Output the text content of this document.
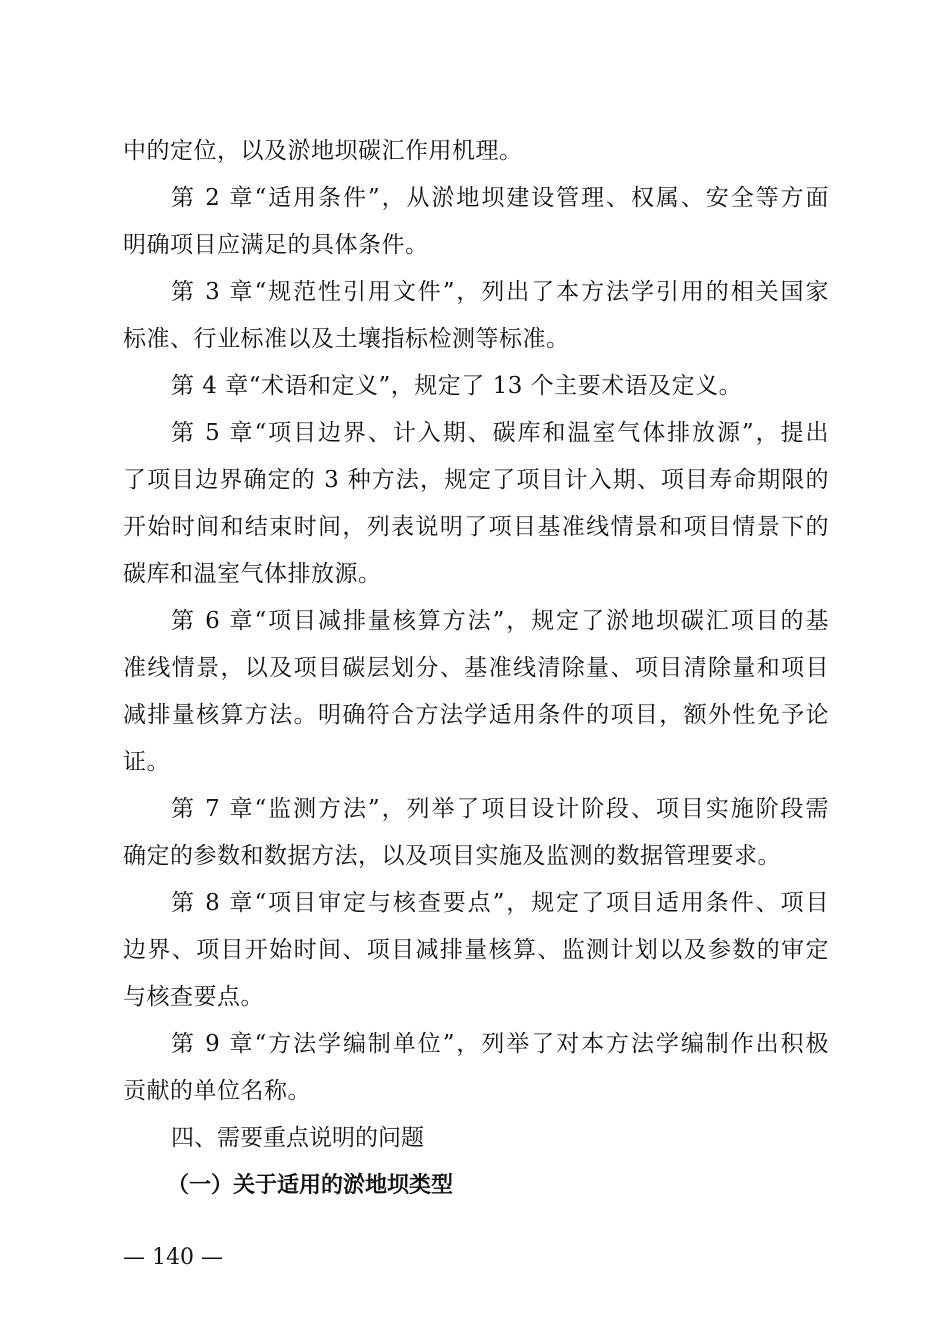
中的定位，以及淤地坝碳汇作用机理。
第 2 章“适用条件”，从淤地坝建设管理、权属、安全等方面
明确项目应满足的具体条件。
第 3 章“规范性引用文件”，列出了本方法学引用的相关国家
标准、行业标准以及土壤指标检测等标准。
第 4 章“术语和定义”，规定了 13 个主要术语及定义。
第 5 章“项目边界、计入期、碳库和温室气体排放源”，提出
了项目边界确定的 3 种方法，规定了项目计入期、项目寿命期限的
开始时间和结束时间，列表说明了项目基准线情景和项目情景下的
碳库和温室气体排放源。
第 6 章“项目减排量核算方法”，规定了淤地坝碳汇项目的基
准线情景，以及项目碳层划分、基准线清除量、项目清除量和项目
减排量核算方法。明确符合方法学适用条件的项目，额外性免予论
证。
第 7 章“监测方法”，列举了项目设计阶段、项目实施阶段需
确定的参数和数据方法，以及项目实施及监测的数据管理要求。
第 8 章“项目审定与核查要点”，规定了项目适用条件、项目
边界、项目开始时间、项目减排量核算、监测计划以及参数的审定
与核查要点。
第 9 章“方法学编制单位”，列举了对本方法学编制作出积极
贡献的单位名称。
四、需要重点说明的问题
（一）关于适用的淤地坝类型
— 140 —
